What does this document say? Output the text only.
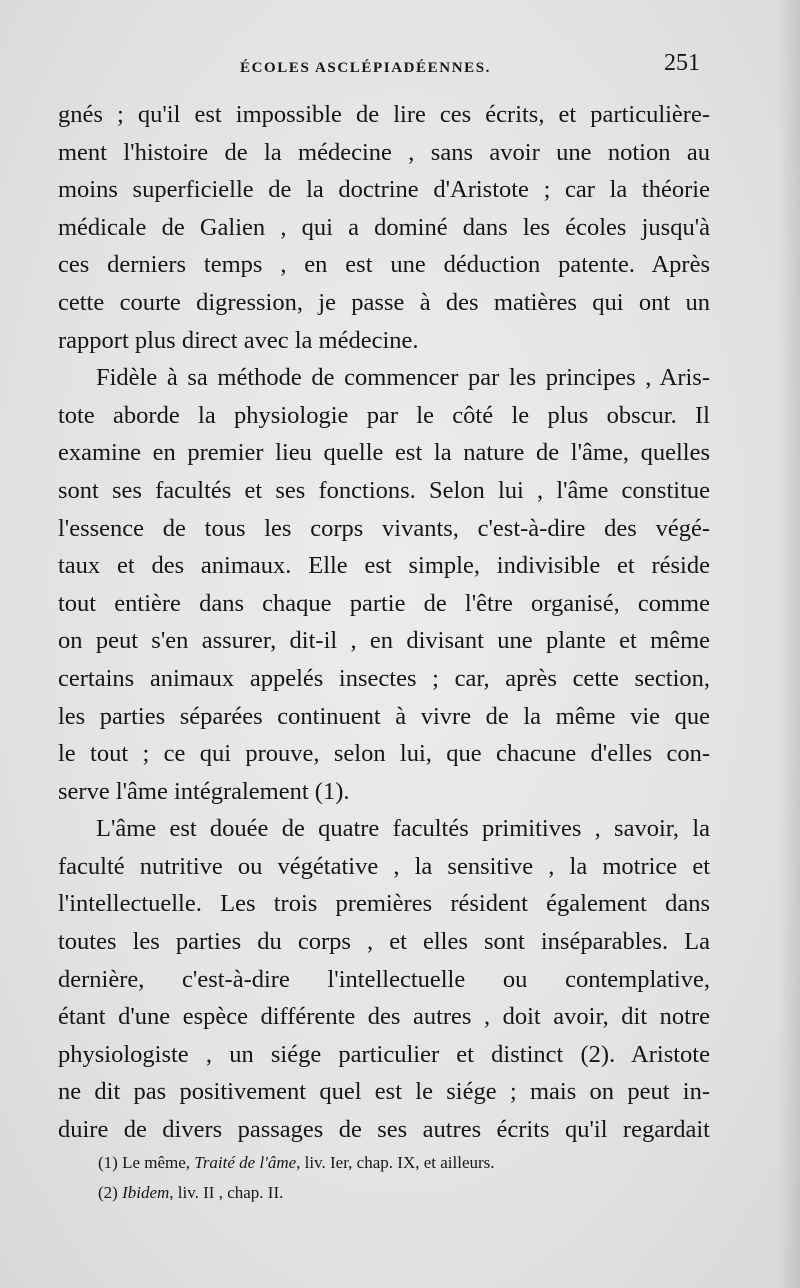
ÉCOLES ASCLÉPIADÉENNES.	251
gnés ; qu'il est impossible de lire ces écrits, et particulière-
ment l'histoire de la médecine , sans avoir une notion au
moins superficielle de la doctrine d'Aristote ; car la théorie
médicale de Galien , qui a dominé dans les écoles jusqu'à
ces derniers temps , en est une déduction patente. Après
cette courte digression, je passe à des matières qui ont un
rapport plus direct avec la médecine.
Fidèle à sa méthode de commencer par les principes , Aris-
tote aborde la physiologie par le côté le plus obscur. Il
examine en premier lieu quelle est la nature de l'âme, quelles
sont ses facultés et ses fonctions. Selon lui , l'âme constitue
l'essence de tous les corps vivants, c'est-à-dire des végé-
taux et des animaux. Elle est simple, indivisible et réside
tout entière dans chaque partie de l'être organisé, comme
on peut s'en assurer, dit-il , en divisant une plante et même
certains animaux appelés insectes ; car, après cette section,
les parties séparées continuent à vivre de la même vie que
le tout ; ce qui prouve, selon lui, que chacune d'elles con-
serve l'âme intégralement (1).
L'âme est douée de quatre facultés primitives , savoir, la
faculté nutritive ou végétative , la sensitive , la motrice et
l'intellectuelle. Les trois premières résident également dans
toutes les parties du corps , et elles sont inséparables. La
dernière, c'est-à-dire l'intellectuelle ou contemplative,
étant d'une espèce différente des autres , doit avoir, dit notre
physiologiste , un siége particulier et distinct (2). Aristote
ne dit pas positivement quel est le siége ; mais on peut in-
duire de divers passages de ses autres écrits qu'il regardait
(1) Le même, Traité de l'âme, liv. Ier, chap. IX, et ailleurs.
(2) Ibidem, liv. II , chap. II.
